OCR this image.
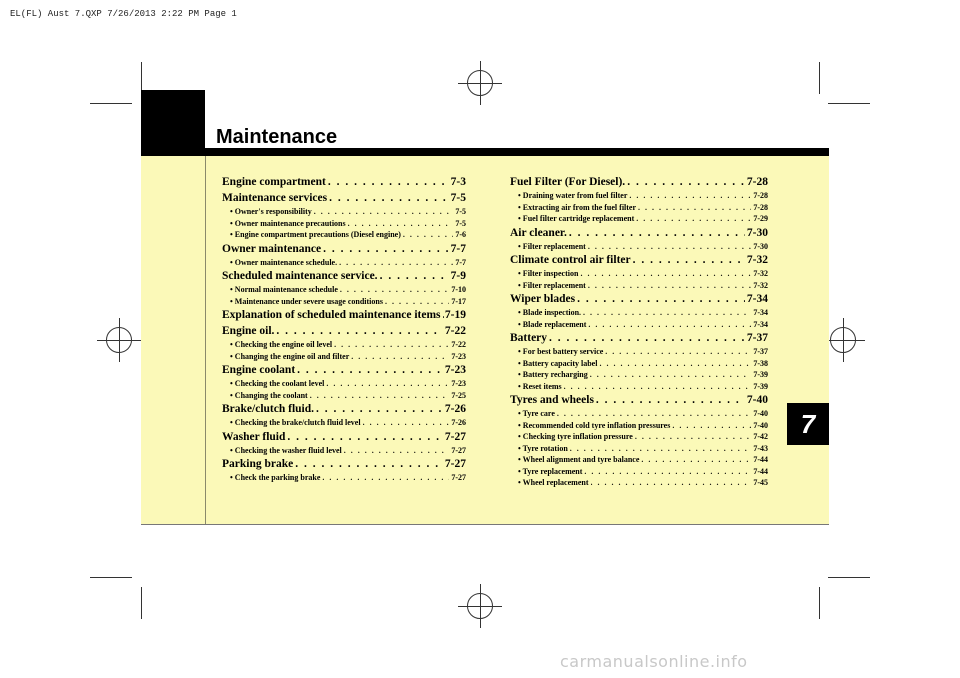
EL(FL) Aust 7.QXP 7/26/2013 2:22 PM Page 1
Maintenance
7
Engine compartment . . .	7-3
Maintenance services . . .	7-5
• Owner's responsibility . . .	7-5
• Owner maintenance precautions . . .	7-5
• Engine compartment precautions (Diesel engine) . . .	7-6
Owner maintenance . . .	7-7
• Owner maintenance schedule. . . .	7-7
Scheduled maintenance service. . . .	7-9
• Normal maintenance schedule . . .	7-10
• Maintenance under severe usage conditions . . .	7-17
Explanation of scheduled maintenance items . . . 7-19
Engine oil. . . .	7-22
• Checking the engine oil level . . .	7-22
• Changing the engine oil and filter . . .	7-23
Engine coolant . . .	7-23
• Checking the coolant level . . .	7-23
• Changing the coolant . . .	7-25
Brake/clutch fluid. . . .	7-26
• Checking the brake/clutch fluid level . . .	7-26
Washer fluid . . .	7-27
• Checking the washer fluid level . . .	7-27
Parking brake . . .	7-27
• Check the parking brake . . .	7-27
Fuel Filter (For Diesel). . . .	7-28
• Draining water from fuel filter . . .	7-28
• Extracting air from the fuel filter . . .	7-28
• Fuel filter cartridge replacement . . .	7-29
Air cleaner. . . .	7-30
• Filter replacement . . .	7-30
Climate control air filter . . .	7-32
• Filter inspection . . .	7-32
• Filter replacement . . .	7-32
Wiper blades . . .	7-34
• Blade inspection. . . .	7-34
• Blade replacement . . .	7-34
Battery . . .	7-37
• For best battery service . . .	7-37
• Battery capacity label . . .	7-38
• Battery recharging . . .	7-39
• Reset items . . .	7-39
Tyres and wheels . . .	7-40
• Tyre care . . .	7-40
• Recommended cold tyre inflation pressures . . .	7-40
• Checking tyre inflation pressure . . .	7-42
• Tyre rotation . . .	7-43
• Wheel alignment and tyre balance . . .	7-44
• Tyre replacement . . .	7-44
• Wheel replacement . . .	7-45
carmanualsonline.info
